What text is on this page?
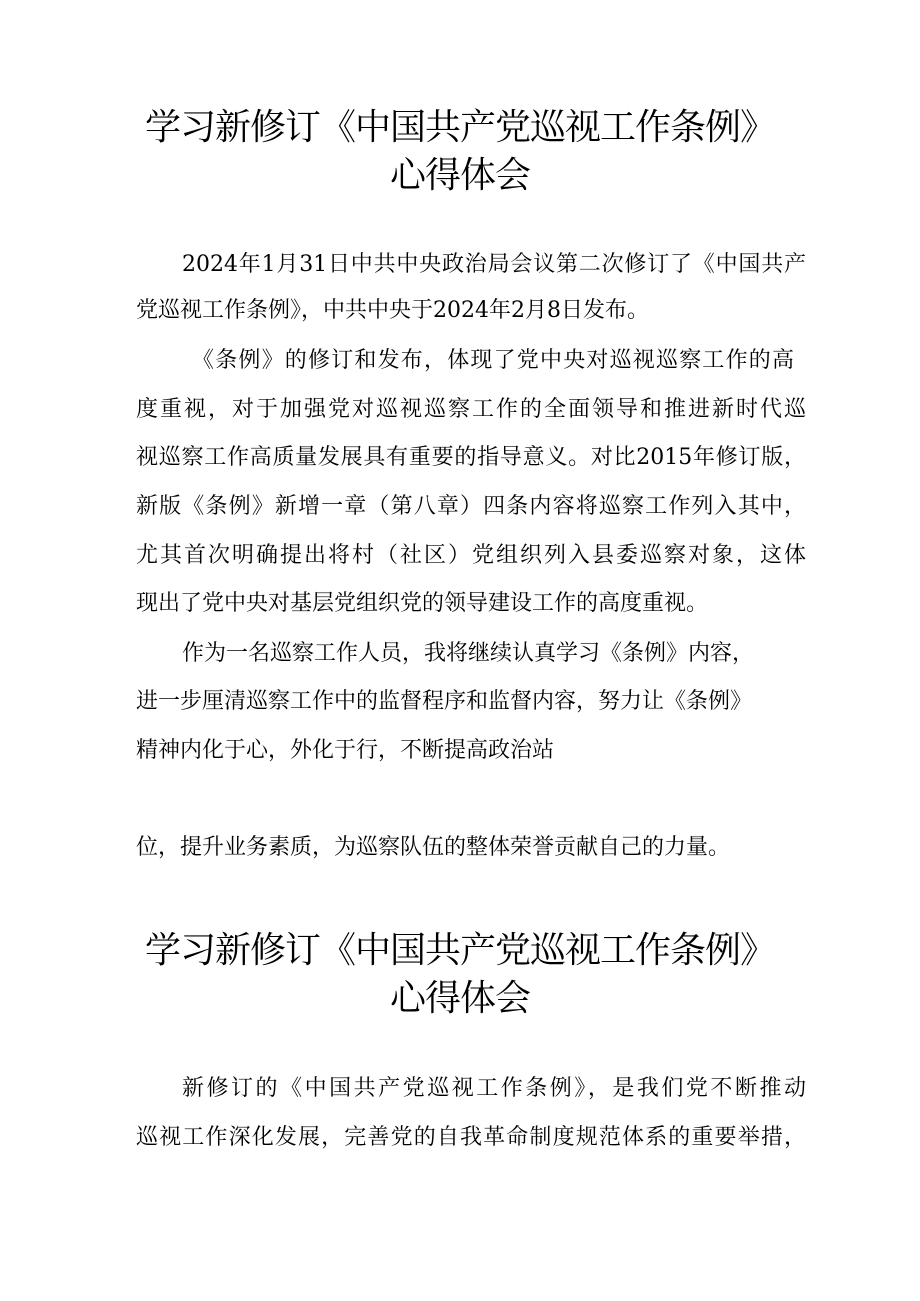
学习新修订《中国共产党巡视工作条例》
心得体会
2024年1月31日中共中央政治局会议第二次修订了《中国共产
党巡视工作条例》，中共中央于2024年2月8日发布。
《条例》的修订和发布，体现了党中央对巡视巡察工作的高
度重视，对于加强党对巡视巡察工作的全面领导和推进新时代巡
视巡察工作高质量发展具有重要的指导意义。对比2015年修订版，
新版《条例》新增一章（第八章）四条内容将巡察工作列入其中，
尤其首次明确提出将村（社区）党组织列入县委巡察对象，这体
现出了党中央对基层党组织党的领导建设工作的高度重视。
作为一名巡察工作人员，我将继续认真学习《条例》内容，
进一步厘清巡察工作中的监督程序和监督内容，努力让《条例》
精神内化于心，外化于行，不断提高政治站
位，提升业务素质，为巡察队伍的整体荣誉贡献自己的力量。
学习新修订《中国共产党巡视工作条例》
心得体会
新修订的《中国共产党巡视工作条例》，是我们党不断推动
巡视工作深化发展，完善党的自我革命制度规范体系的重要举措，
